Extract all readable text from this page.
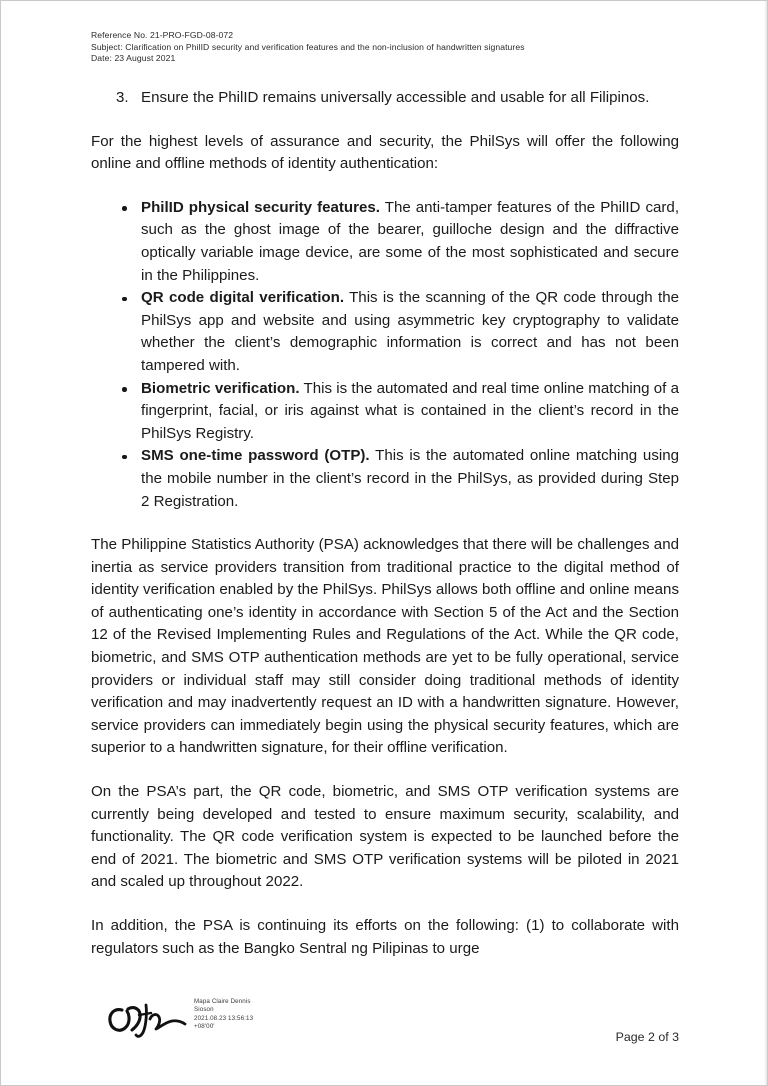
Reference No. 21-PRO-FGD-08-072
Subject: Clarification on PhilID security and verification features and the non-inclusion of handwritten signatures
Date: 23 August 2021
3. Ensure the PhilID remains universally accessible and usable for all Filipinos.

For the highest levels of assurance and security, the PhilSys will offer the following online and offline methods of identity authentication:

PhilID physical security features. The anti-tamper features of the PhilID card, such as the ghost image of the bearer, guilloche design and the diffractive optically variable image device, are some of the most sophisticated and secure in the Philippines.
QR code digital verification. This is the scanning of the QR code through the PhilSys app and website and using asymmetric key cryptography to validate whether the client’s demographic information is correct and has not been tampered with.
Biometric verification. This is the automated and real time online matching of a fingerprint, facial, or iris against what is contained in the client’s record in the PhilSys Registry.
SMS one-time password (OTP). This is the automated online matching using the mobile number in the client’s record in the PhilSys, as provided during Step 2 Registration.

The Philippine Statistics Authority (PSA) acknowledges that there will be challenges and inertia as service providers transition from traditional practice to the digital method of identity verification enabled by the PhilSys. PhilSys allows both offline and online means of authenticating one’s identity in accordance with Section 5 of the Act and the Section 12 of the Revised Implementing Rules and Regulations of the Act. While the QR code, biometric, and SMS OTP authentication methods are yet to be fully operational, service providers or individual staff may still consider doing traditional methods of identity verification and may inadvertently request an ID with a handwritten signature. However, service providers can immediately begin using the physical security features, which are superior to a handwritten signature, for their offline verification.

On the PSA’s part, the QR code, biometric, and SMS OTP verification systems are currently being developed and tested to ensure maximum security, scalability, and functionality. The QR code verification system is expected to be launched before the end of 2021. The biometric and SMS OTP verification systems will be piloted in 2021 and scaled up throughout 2022.

In addition, the PSA is continuing its efforts on the following: (1) to collaborate with regulators such as the Bangko Sentral ng Pilipinas to urge

Mapa Claire Dennis
Sioson
2021.08.23 13:56:13
+08'00'
Page 2 of 3
